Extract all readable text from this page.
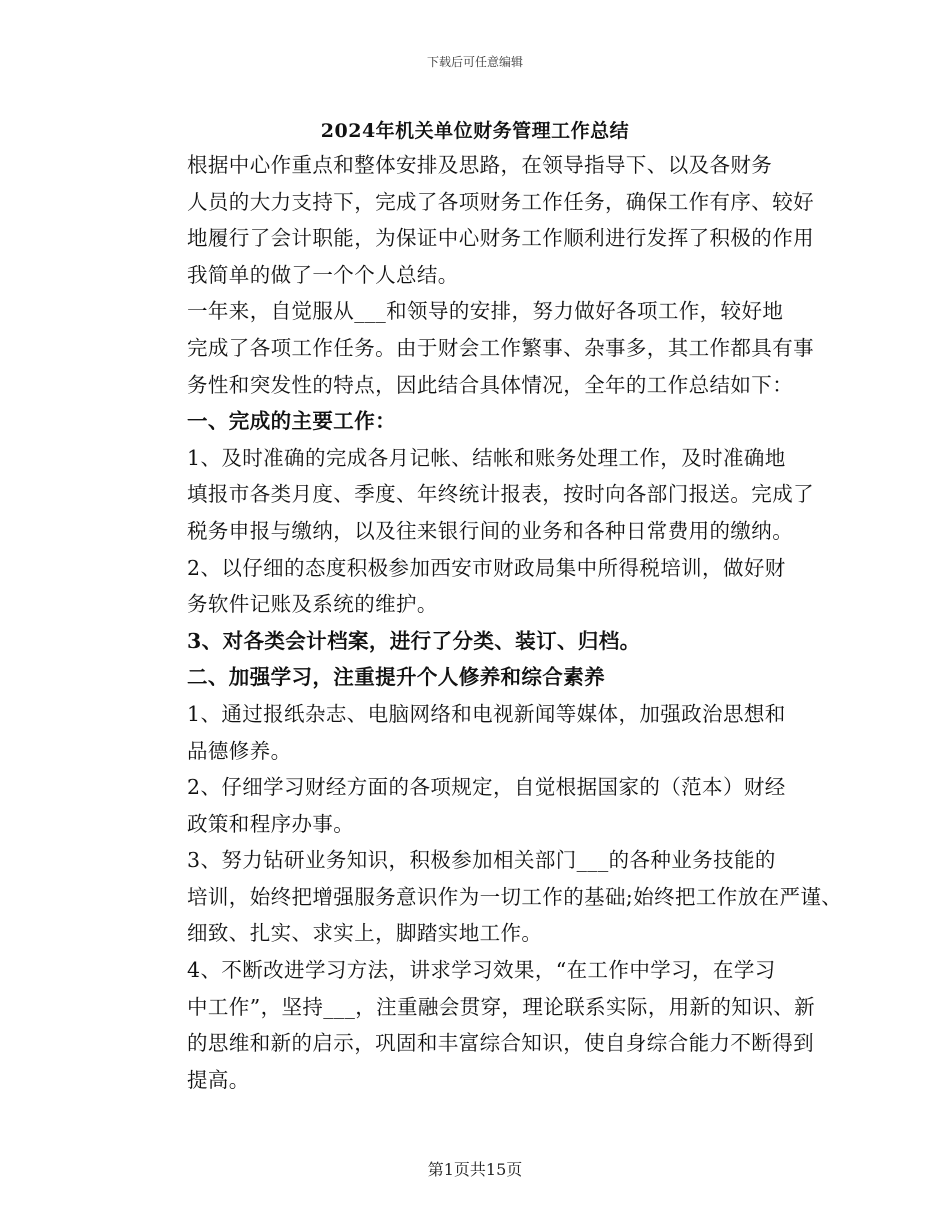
下载后可任意编辑
2024年机关单位财务管理工作总结

根据中心作重点和整体安排及思路，在领导指导下、以及各财务
人员的大力支持下，完成了各项财务工作任务，确保工作有序、较好
地履行了会计职能，为保证中心财务工作顺利进行发挥了积极的作用
我简单的做了一个个人总结。

一年来，自觉服从___和领导的安排，努力做好各项工作，较好地
完成了各项工作任务。由于财会工作繁事、杂事多，其工作都具有事
务性和突发性的特点，因此结合具体情况，全年的工作总结如下：

一、完成的主要工作：

1、及时准确的完成各月记帐、结帐和账务处理工作，及时准确地
填报市各类月度、季度、年终统计报表，按时向各部门报送。完成了
税务申报与缴纳，以及往来银行间的业务和各种日常费用的缴纳。

2、以仔细的态度积极参加西安市财政局集中所得税培训，做好财
务软件记账及系统的维护。

3、对各类会计档案，进行了分类、装订、归档。

二、加强学习，注重提升个人修养和综合素养

1、通过报纸杂志、电脑网络和电视新闻等媒体，加强政治思想和
品德修养。

2、仔细学习财经方面的各项规定，自觉根据国家的（范本）财经
政策和程序办事。

3、努力钻研业务知识，积极参加相关部门___的各种业务技能的
培训，始终把增强服务意识作为一切工作的基础;始终把工作放在严谨、
细致、扎实、求实上，脚踏实地工作。

4、不断改进学习方法，讲求学习效果，“在工作中学习，在学习
中工作”，坚持___，注重融会贯穿，理论联系实际，用新的知识、新
的思维和新的启示，巩固和丰富综合知识，使自身综合能力不断得到
提高。

第1页共15页
